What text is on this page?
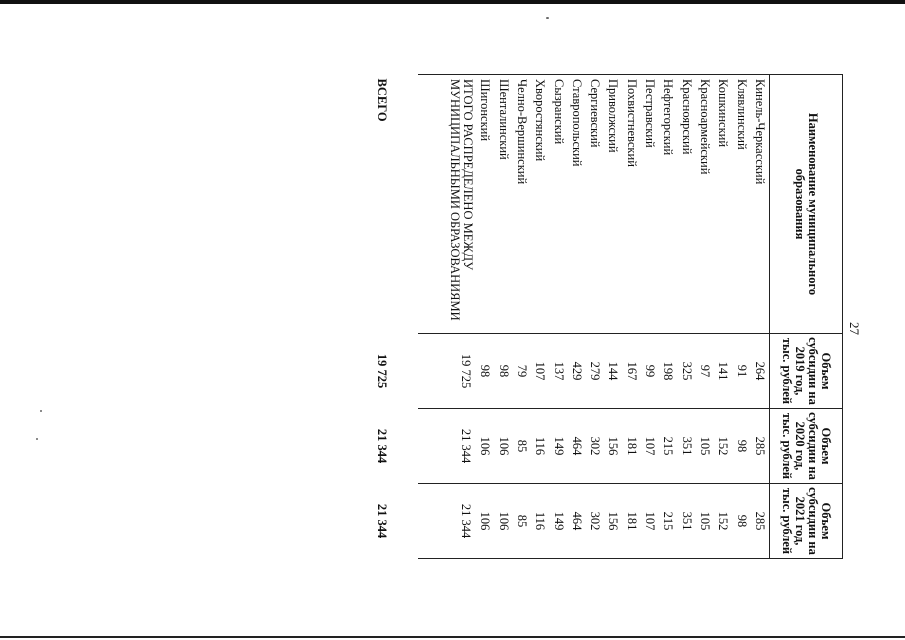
27
Наименование муниципального образования	Объем субсидии на 2019 год, тыс. рублей	Объем субсидии на 2020 год, тыс. рублей	Объем субсидии на 2021 год, тыс. рублей
Кинель-Черкасский	264	285	285
Клявлинский	91	98	98
Кошкинский	141	152	152
Красноармейский	97	105	105
Красноярский	325	351	351
Нефтегорский	198	215	215
Пестравский	99	107	107
Похвистневский	167	181	181
Приволжский	144	156	156
Сергиевский	279	302	302
Ставропольский	429	464	464
Сызранский	137	149	149
Хворостянский	107	116	116
Челно-Вершинский	79	85	85
Шенталинский	98	106	106
Шигонский	98	106	106
ИТОГО РАСПРЕДЕЛЕНО МЕЖДУ МУНИЦИПАЛЬНЫМИ ОБРАЗОВАНИЯМИ	19 725	21 344	21 344

ВСЕГО	19 725	21 344	21 344
